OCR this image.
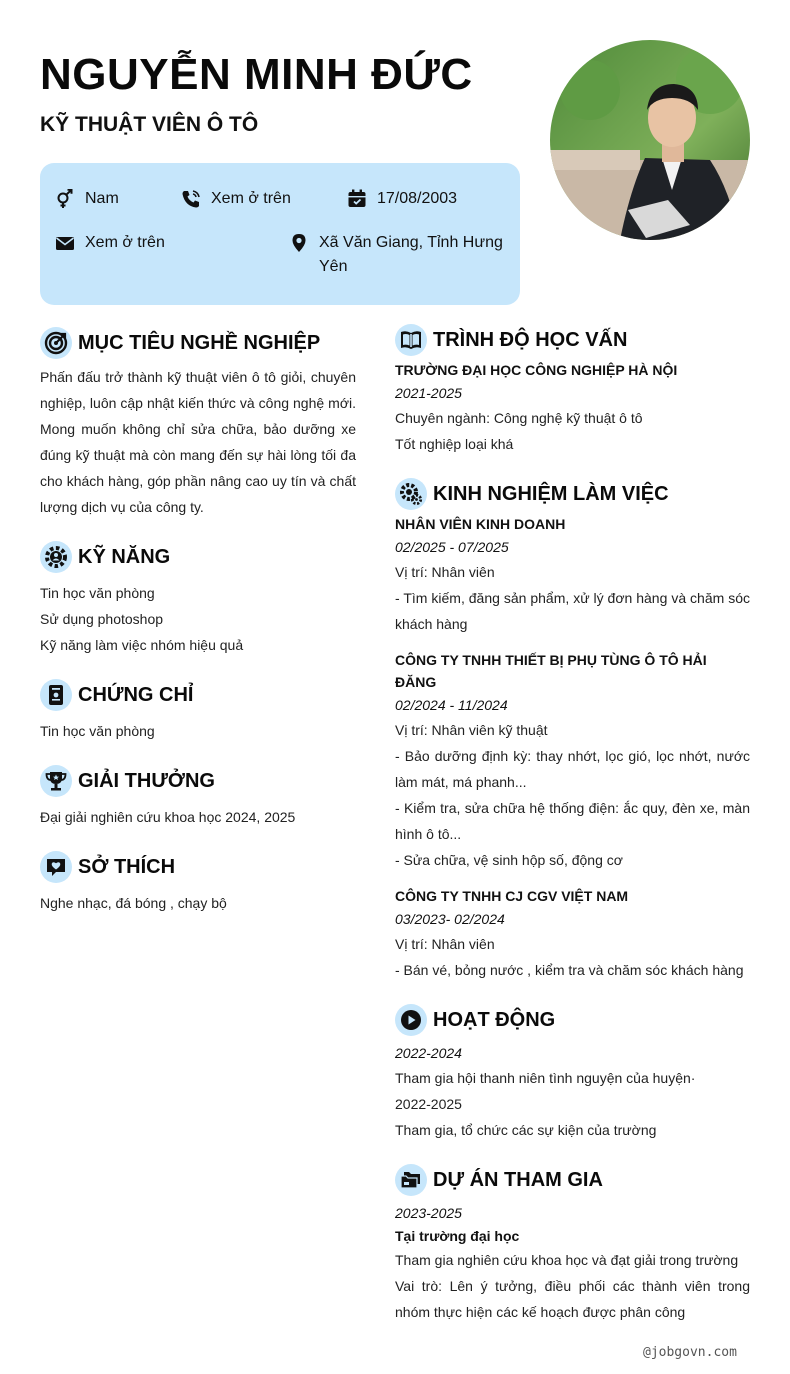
NGUYỄN MINH ĐỨC
KỸ THUẬT VIÊN Ô TÔ
Nam	Xem ở trên	17/08/2003
Xem ở trên	Xã Văn Giang, Tỉnh Hưng Yên
MỤC TIÊU NGHỀ NGHIỆP
Phấn đấu trở thành kỹ thuật viên ô tô giỏi, chuyên nghiệp, luôn cập nhật kiến thức và công nghệ mới. Mong muốn không chỉ sửa chữa, bảo dưỡng xe đúng kỹ thuật mà còn mang đến sự hài lòng tối đa cho khách hàng, góp phần nâng cao uy tín và chất lượng dịch vụ của công ty.
KỸ NĂNG
Tin học văn phòng
Sử dụng photoshop
Kỹ năng làm việc nhóm hiệu quả
CHỨNG CHỈ
Tin học văn phòng
GIẢI THƯỞNG
Đại giải nghiên cứu khoa học 2024, 2025
SỞ THÍCH
Nghe nhạc, đá bóng , chạy bộ
TRÌNH ĐỘ HỌC VẤN
TRƯỜNG ĐẠI HỌC CÔNG NGHIỆP HÀ NỘI
2021-2025
Chuyên ngành: Công nghệ kỹ thuật ô tô
Tốt nghiệp loại khá
KINH NGHIỆM LÀM VIỆC
NHÂN VIÊN KINH DOANH
02/2025 - 07/2025
Vị trí: Nhân viên
- Tìm kiếm, đăng sản phẩm, xử lý đơn hàng và chăm sóc khách hàng
CÔNG TY TNHH THIẾT BỊ PHỤ TÙNG Ô TÔ HẢI ĐĂNG
02/2024 - 11/2024
Vị trí: Nhân viên kỹ thuật
- Bảo dưỡng định kỳ: thay nhớt, lọc gió, lọc nhớt, nước làm mát, má phanh...
- Kiểm tra, sửa chữa hệ thống điện: ắc quy, đèn xe, màn hình ô tô...
- Sửa chữa, vệ sinh hộp số, động cơ
CÔNG TY TNHH CJ CGV VIỆT NAM
03/2023- 02/2024
Vị trí: Nhân viên
- Bán vé, bỏng nước , kiểm tra và chăm sóc khách hàng
HOẠT ĐỘNG
2022-2024
Tham gia hội thanh niên tình nguyện của huyện·
2022-2025
Tham gia, tổ chức các sự kiện của trường
DỰ ÁN THAM GIA
2023-2025
Tại trường đại học
Tham gia nghiên cứu khoa học và đạt giải trong trường
Vai trò: Lên ý tưởng, điều phối các thành viên trong nhóm thực hiện các kế hoạch được phân công
@jobgovn.com
